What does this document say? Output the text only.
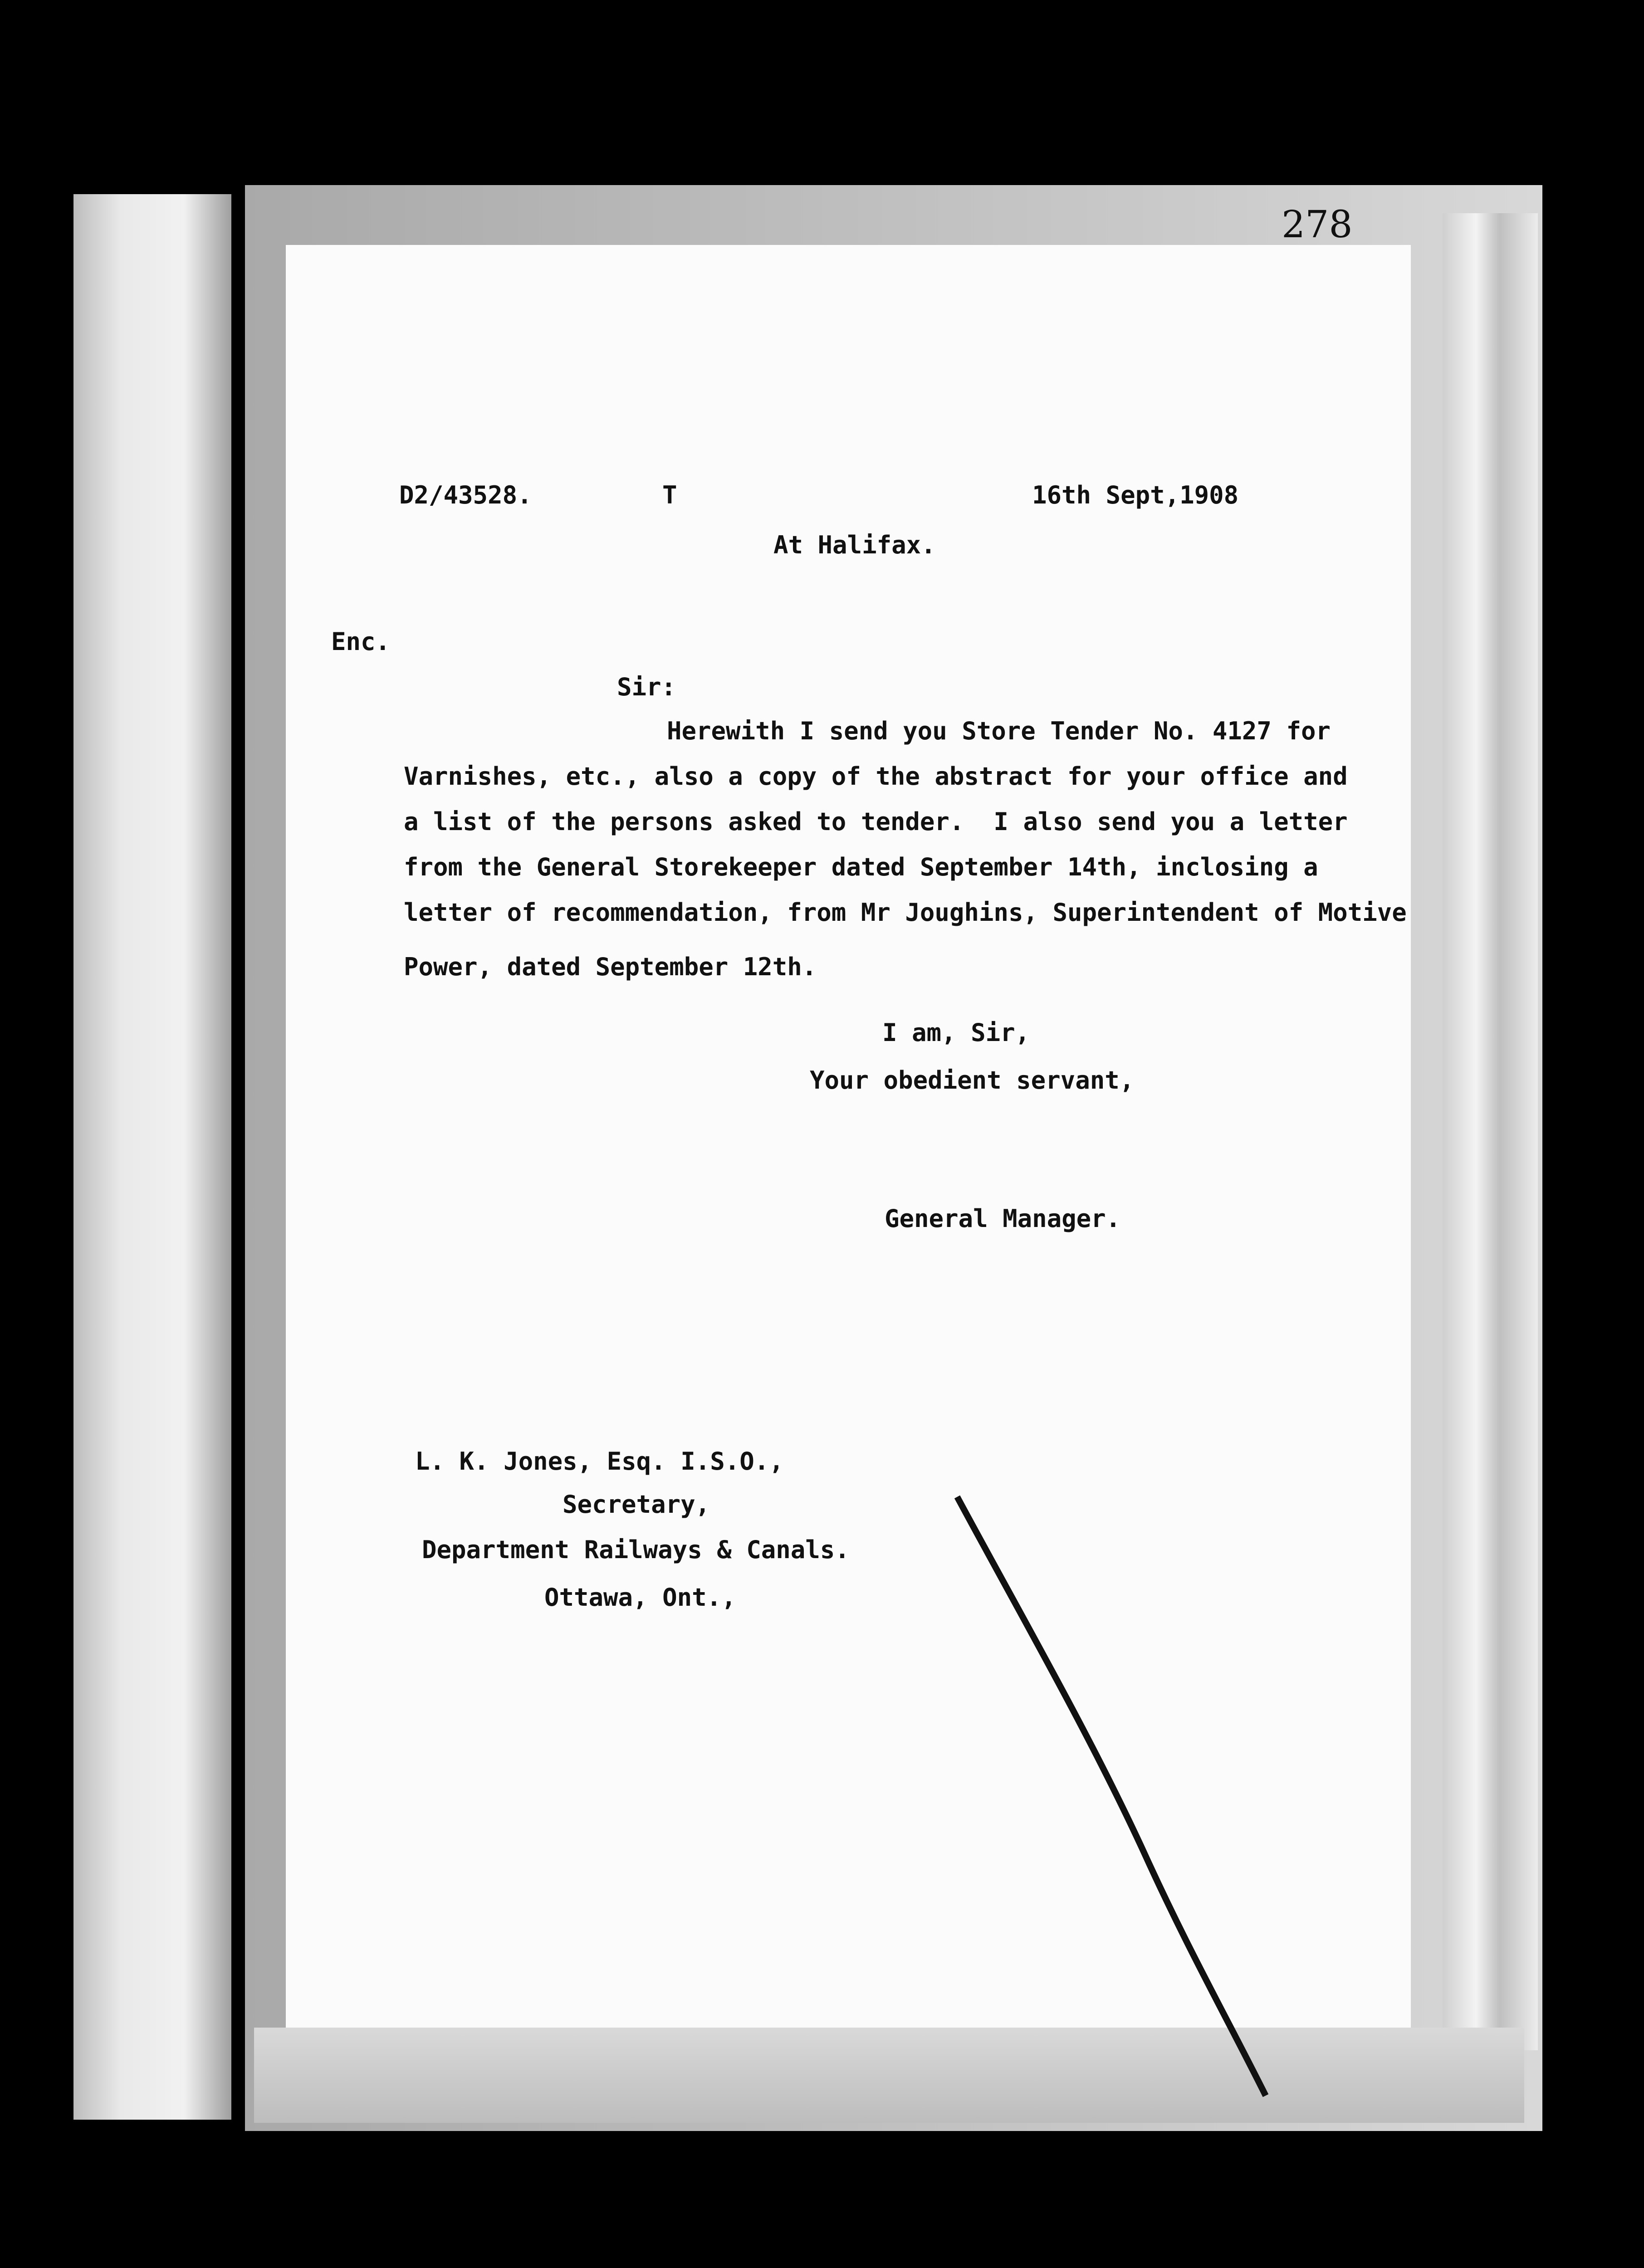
278
D2/43528.	T	16th Sept,1908
At Halifax.
Enc.
Sir:
Herewith I send you Store Tender No. 4127 for
Varnishes, etc., also a copy of the abstract for your office and
a list of the persons asked to tender.  I also send you a letter
from the General Storekeeper dated September 14th, inclosing a
letter of recommendation, from Mr Joughins, Superintendent of Motive
Power, dated September 12th.
I am, Sir,
Your obedient servant,
General Manager.
L. K. Jones, Esq. I.S.O.,
Secretary,
Department Railways & Canals.
Ottawa, Ont.,
